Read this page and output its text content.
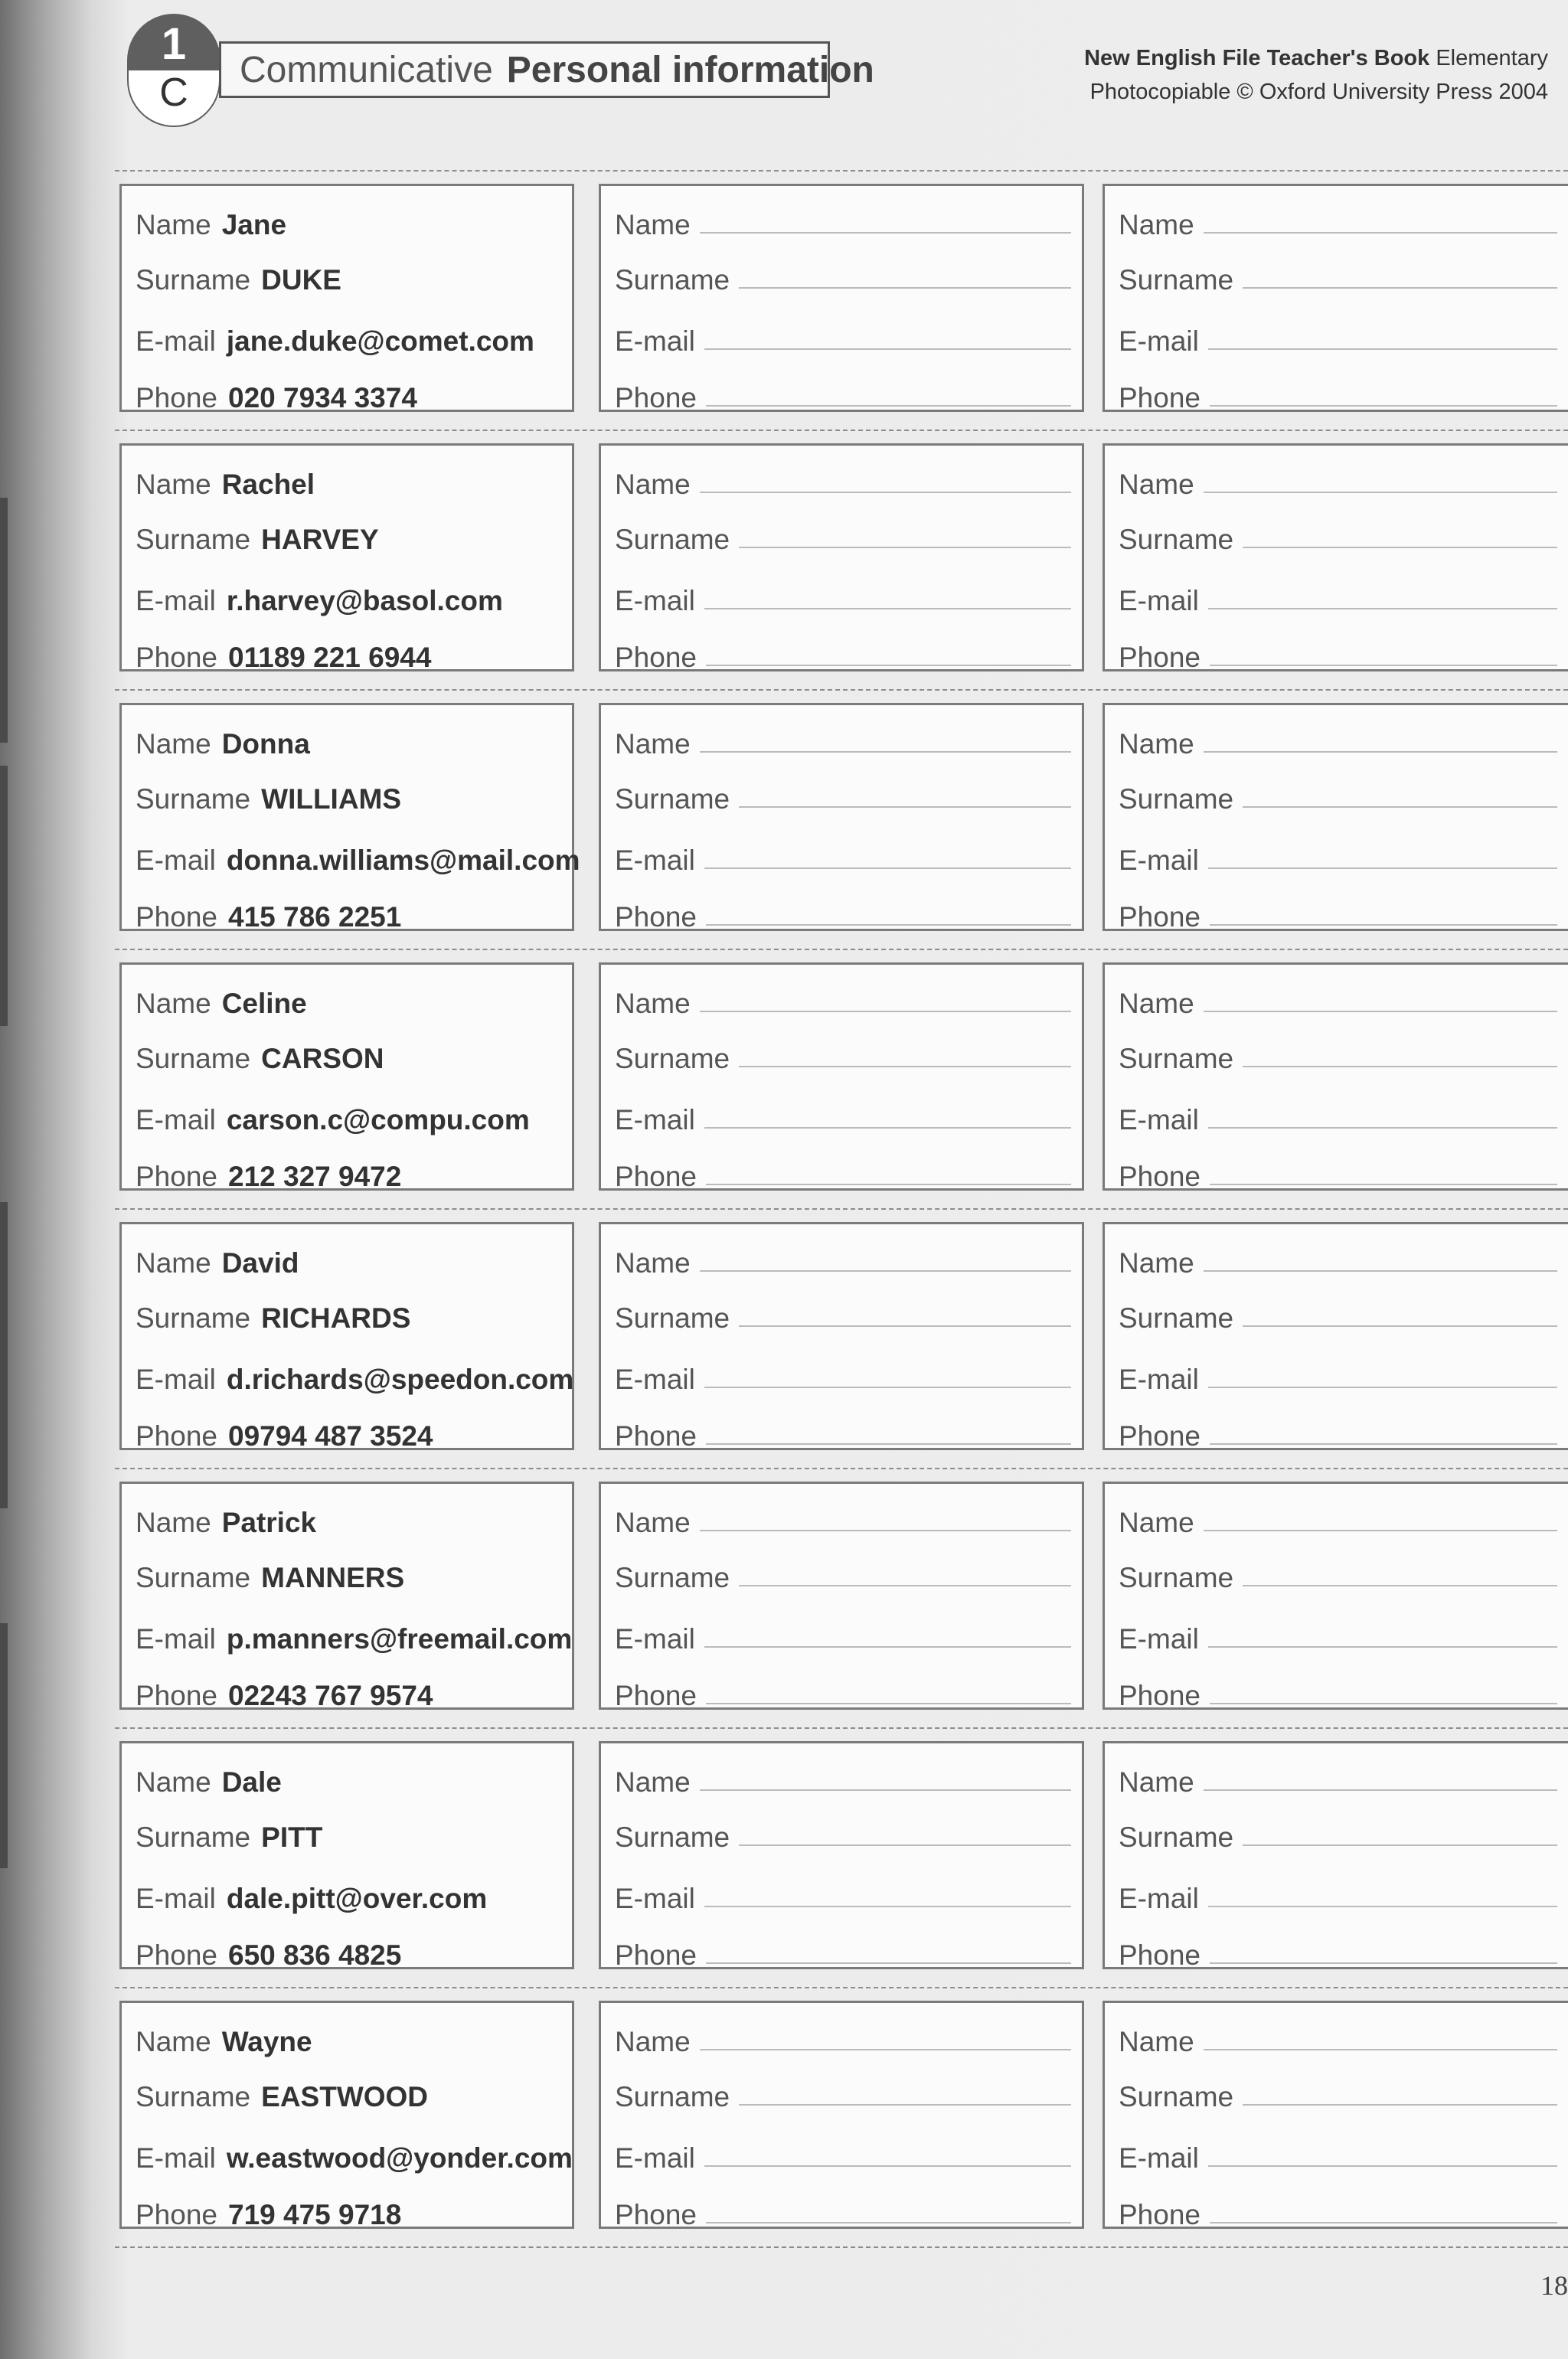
1
C
Communicative Personal information	New English File Teacher's Book Elementary
Photocopiable © Oxford University Press 2004
Name Jane
Surname DUKE
E-mail jane.duke@comet.com
Phone 020 7934 3374
Name
Surname
E-mail
Phone
Name
Surname
E-mail
Phone
Name Rachel
Surname HARVEY
E-mail r.harvey@basol.com
Phone 01189 221 6944
Name
Surname
E-mail
Phone
Name
Surname
E-mail
Phone
Name Donna
Surname WILLIAMS
E-mail donna.williams@mail.com
Phone 415 786 2251
Name
Surname
E-mail
Phone
Name
Surname
E-mail
Phone
Name Celine
Surname CARSON
E-mail carson.c@compu.com
Phone 212 327 9472
Name
Surname
E-mail
Phone
Name
Surname
E-mail
Phone
Name David
Surname RICHARDS
E-mail d.richards@speedon.com
Phone 09794 487 3524
Name
Surname
E-mail
Phone
Name
Surname
E-mail
Phone
Name Patrick
Surname MANNERS
E-mail p.manners@freemail.com
Phone 02243 767 9574
Name
Surname
E-mail
Phone
Name
Surname
E-mail
Phone
Name Dale
Surname PITT
E-mail dale.pitt@over.com
Phone 650 836 4825
Name
Surname
E-mail
Phone
Name
Surname
E-mail
Phone
Name Wayne
Surname EASTWOOD
E-mail w.eastwood@yonder.com
Phone 719 475 9718
Name
Surname
E-mail
Phone
Name
Surname
E-mail
Phone
18
